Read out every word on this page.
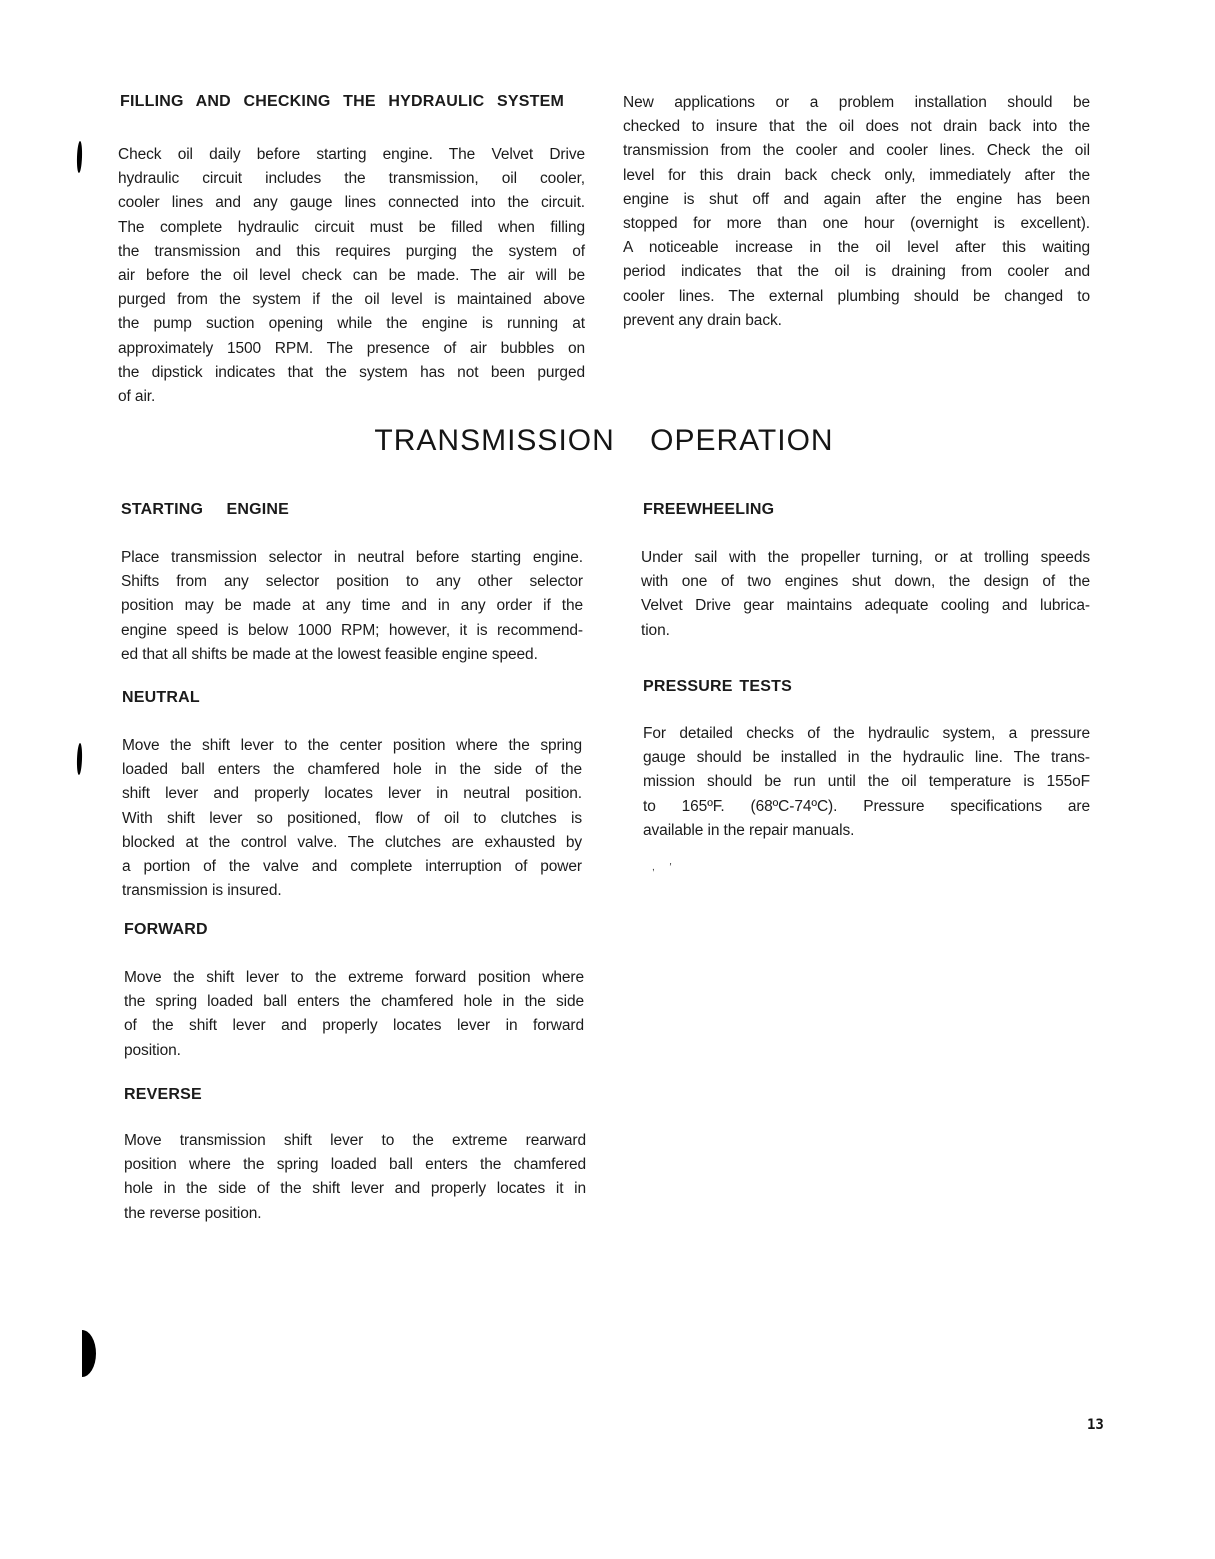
FILLING AND CHECKING THE HYDRAULIC SYSTEM
Check oil daily before starting engine. The Velvet Drive
hydraulic circuit includes the transmission, oil cooler,
cooler lines and any gauge lines connected into the circuit.
The complete hydraulic circuit must be filled when filling
the transmission and this requires purging the system of
air before the oil level check can be made. The air will be
purged from the system if the oil level is maintained above
the pump suction opening while the engine is running at
approximately 1500 RPM. The presence of air bubbles on
the dipstick indicates that the system has not been purged
of air.
TRANSMISSION OPERATION
STARTING ENGINE
Place transmission selector in neutral before starting engine.
Shifts from any selector position to any other selector
position may be made at any time and in any order if the
engine speed is below 1000 RPM; however, it is recommend-
ed that all shifts be made at the lowest feasible engine speed.
NEUTRAL
Move the shift lever to the center position where the spring
loaded ball enters the chamfered hole in the side of the
shift lever and properly locates lever in neutral position.
With shift lever so positioned, flow of oil to clutches is
blocked at the control valve. The clutches are exhausted by
a portion of the valve and complete interruption of power
transmission is insured.
FORWARD
Move the shift lever to the extreme forward position where
the spring loaded ball enters the chamfered hole in the side
of the shift lever and properly locates lever in forward
position.
REVERSE
Move transmission shift lever to the extreme rearward
position where the spring loaded ball enters the chamfered
hole in the side of the shift lever and properly locates it in
the reverse position.
New applications or a problem installation should be
checked to insure that the oil does not drain back into the
transmission from the cooler and cooler lines. Check the oil
level for this drain back check only, immediately after the
engine is shut off and again after the engine has been
stopped for more than one hour (overnight is excellent).
A noticeable increase in the oil level after this waiting
period indicates that the oil is draining from cooler and
cooler lines. The external plumbing should be changed to
prevent any drain back.
FREEWHEELING
Under sail with the propeller turning, or at trolling speeds
with one of two engines shut down, the design of the
Velvet Drive gear maintains adequate cooling and lubrica-
tion.
PRESSURE TESTS
For detailed checks of the hydraulic system, a pressure
gauge should be installed in the hydraulic line. The trans-
mission should be run until the oil temperature is 155oF
to 165ºF. (68ºC-74ºC). Pressure specifications are
available in the repair manuals.
, ′
13
